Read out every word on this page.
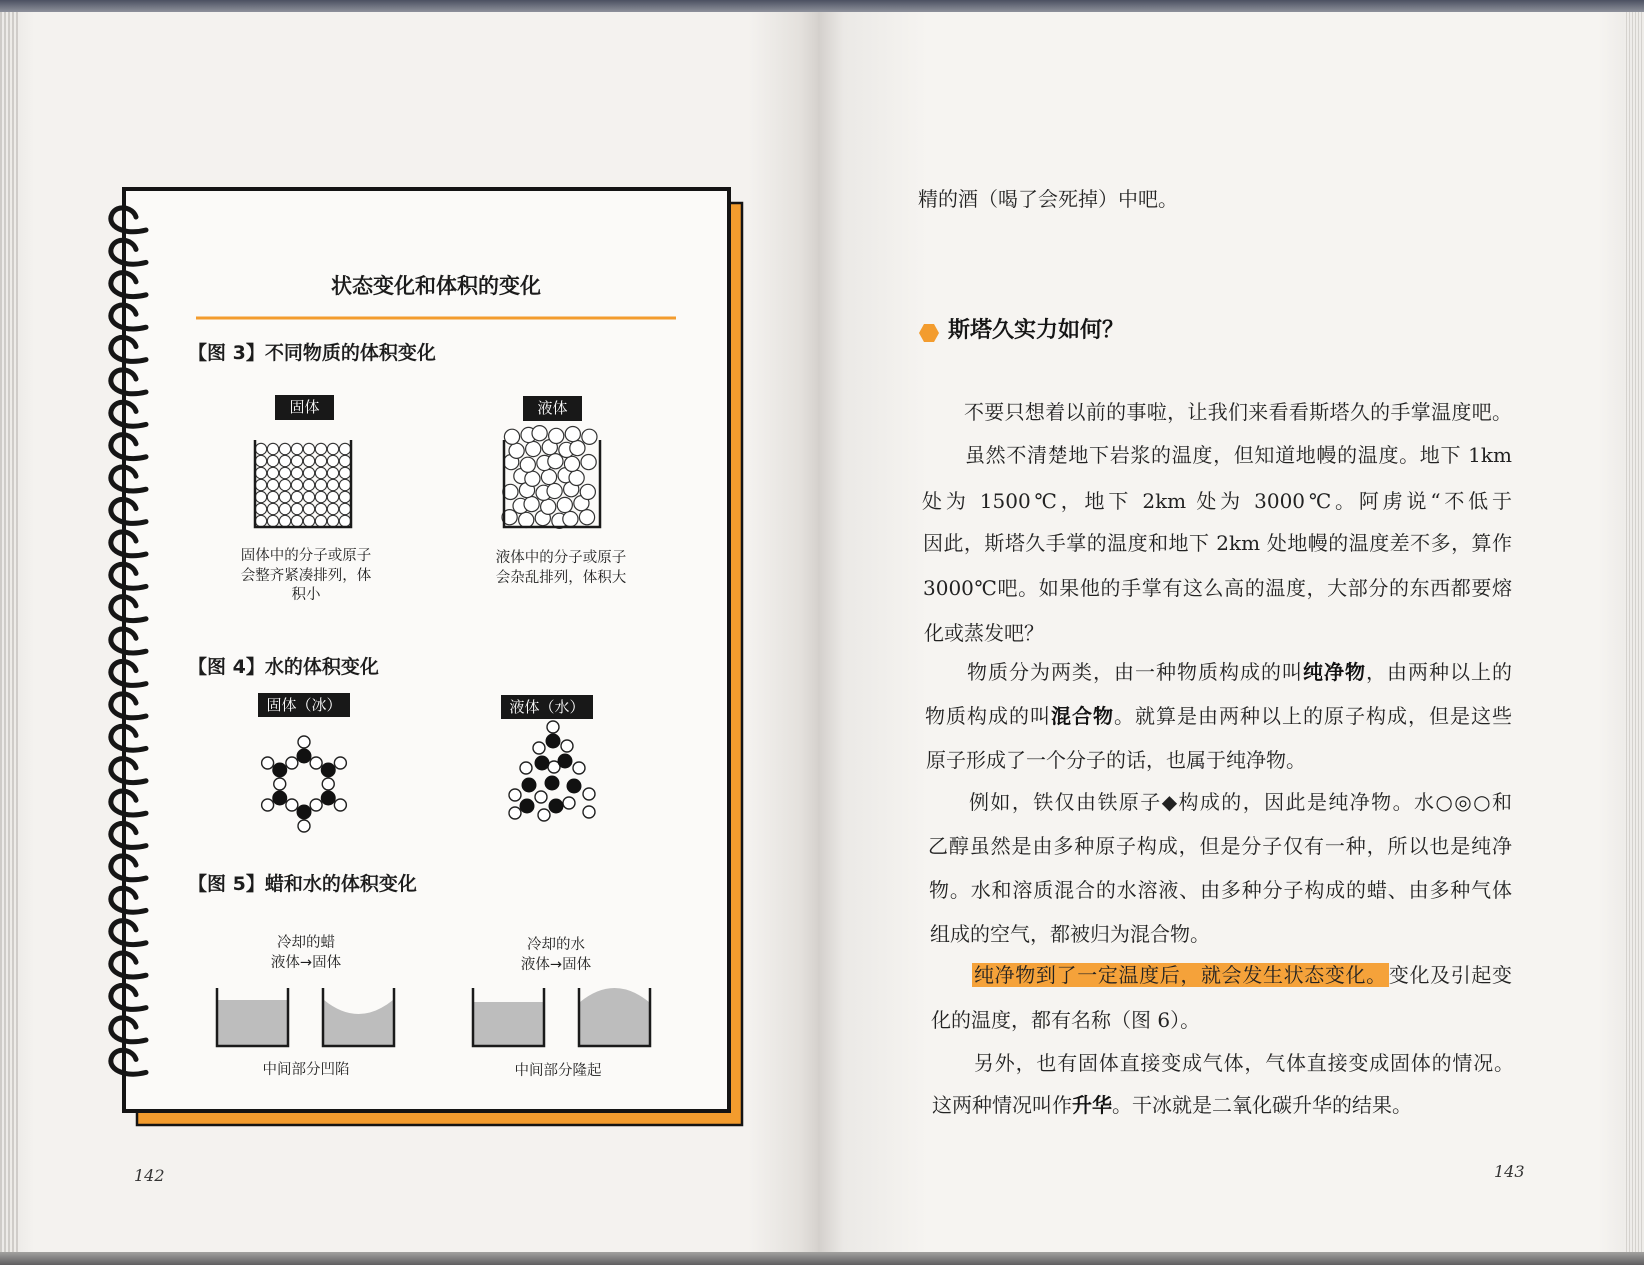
状态变化和体积的变化
【图 3】不同物质的体积变化
固体	液体
固体中的分子或原子
会整齐紧凑排列，体
积小
液体中的分子或原子
会杂乱排列，体积大
【图 4】水的体积变化
固体（冰）	液体（水）
【图 5】蜡和水的体积变化
冷却的蜡
液体→固体
冷却的水
液体→固体
中间部分凹陷	中间部分隆起
142
精的酒（喝了会死掉）中吧。
斯塔久实力如何？
不要只想着以前的事啦，让我们来看看斯塔久的手掌温度吧。
虽然不清楚地下岩浆的温度，但知道地幔的温度。地下 1km
处为 1500℃，地下 2km 处为 3000℃。阿虏说“不低于
因此，斯塔久手掌的温度和地下 2km 处地幔的温度差不多，算作
3000℃吧。如果他的手掌有这么高的温度，大部分的东西都要熔
化或蒸发吧？
物质分为两类，由一种物质构成的叫纯净物，由两种以上的
物质构成的叫混合物。就算是由两种以上的原子构成，但是这些
原子形成了一个分子的话，也属于纯净物。
例如，铁仅由铁原子◆构成的，因此是纯净物。水○◎○和
乙醇虽然是由多种原子构成，但是分子仅有一种，所以也是纯净
物。水和溶质混合的水溶液、由多种分子构成的蜡、由多种气体
组成的空气，都被归为混合物。
纯净物到了一定温度后，就会发生状态变化。 变化及引起变
化的温度，都有名称（图 6）。
另外，也有固体直接变成气体，气体直接变成固体的情况。
这两种情况叫作升华。干冰就是二氧化碳升华的结果。
143
